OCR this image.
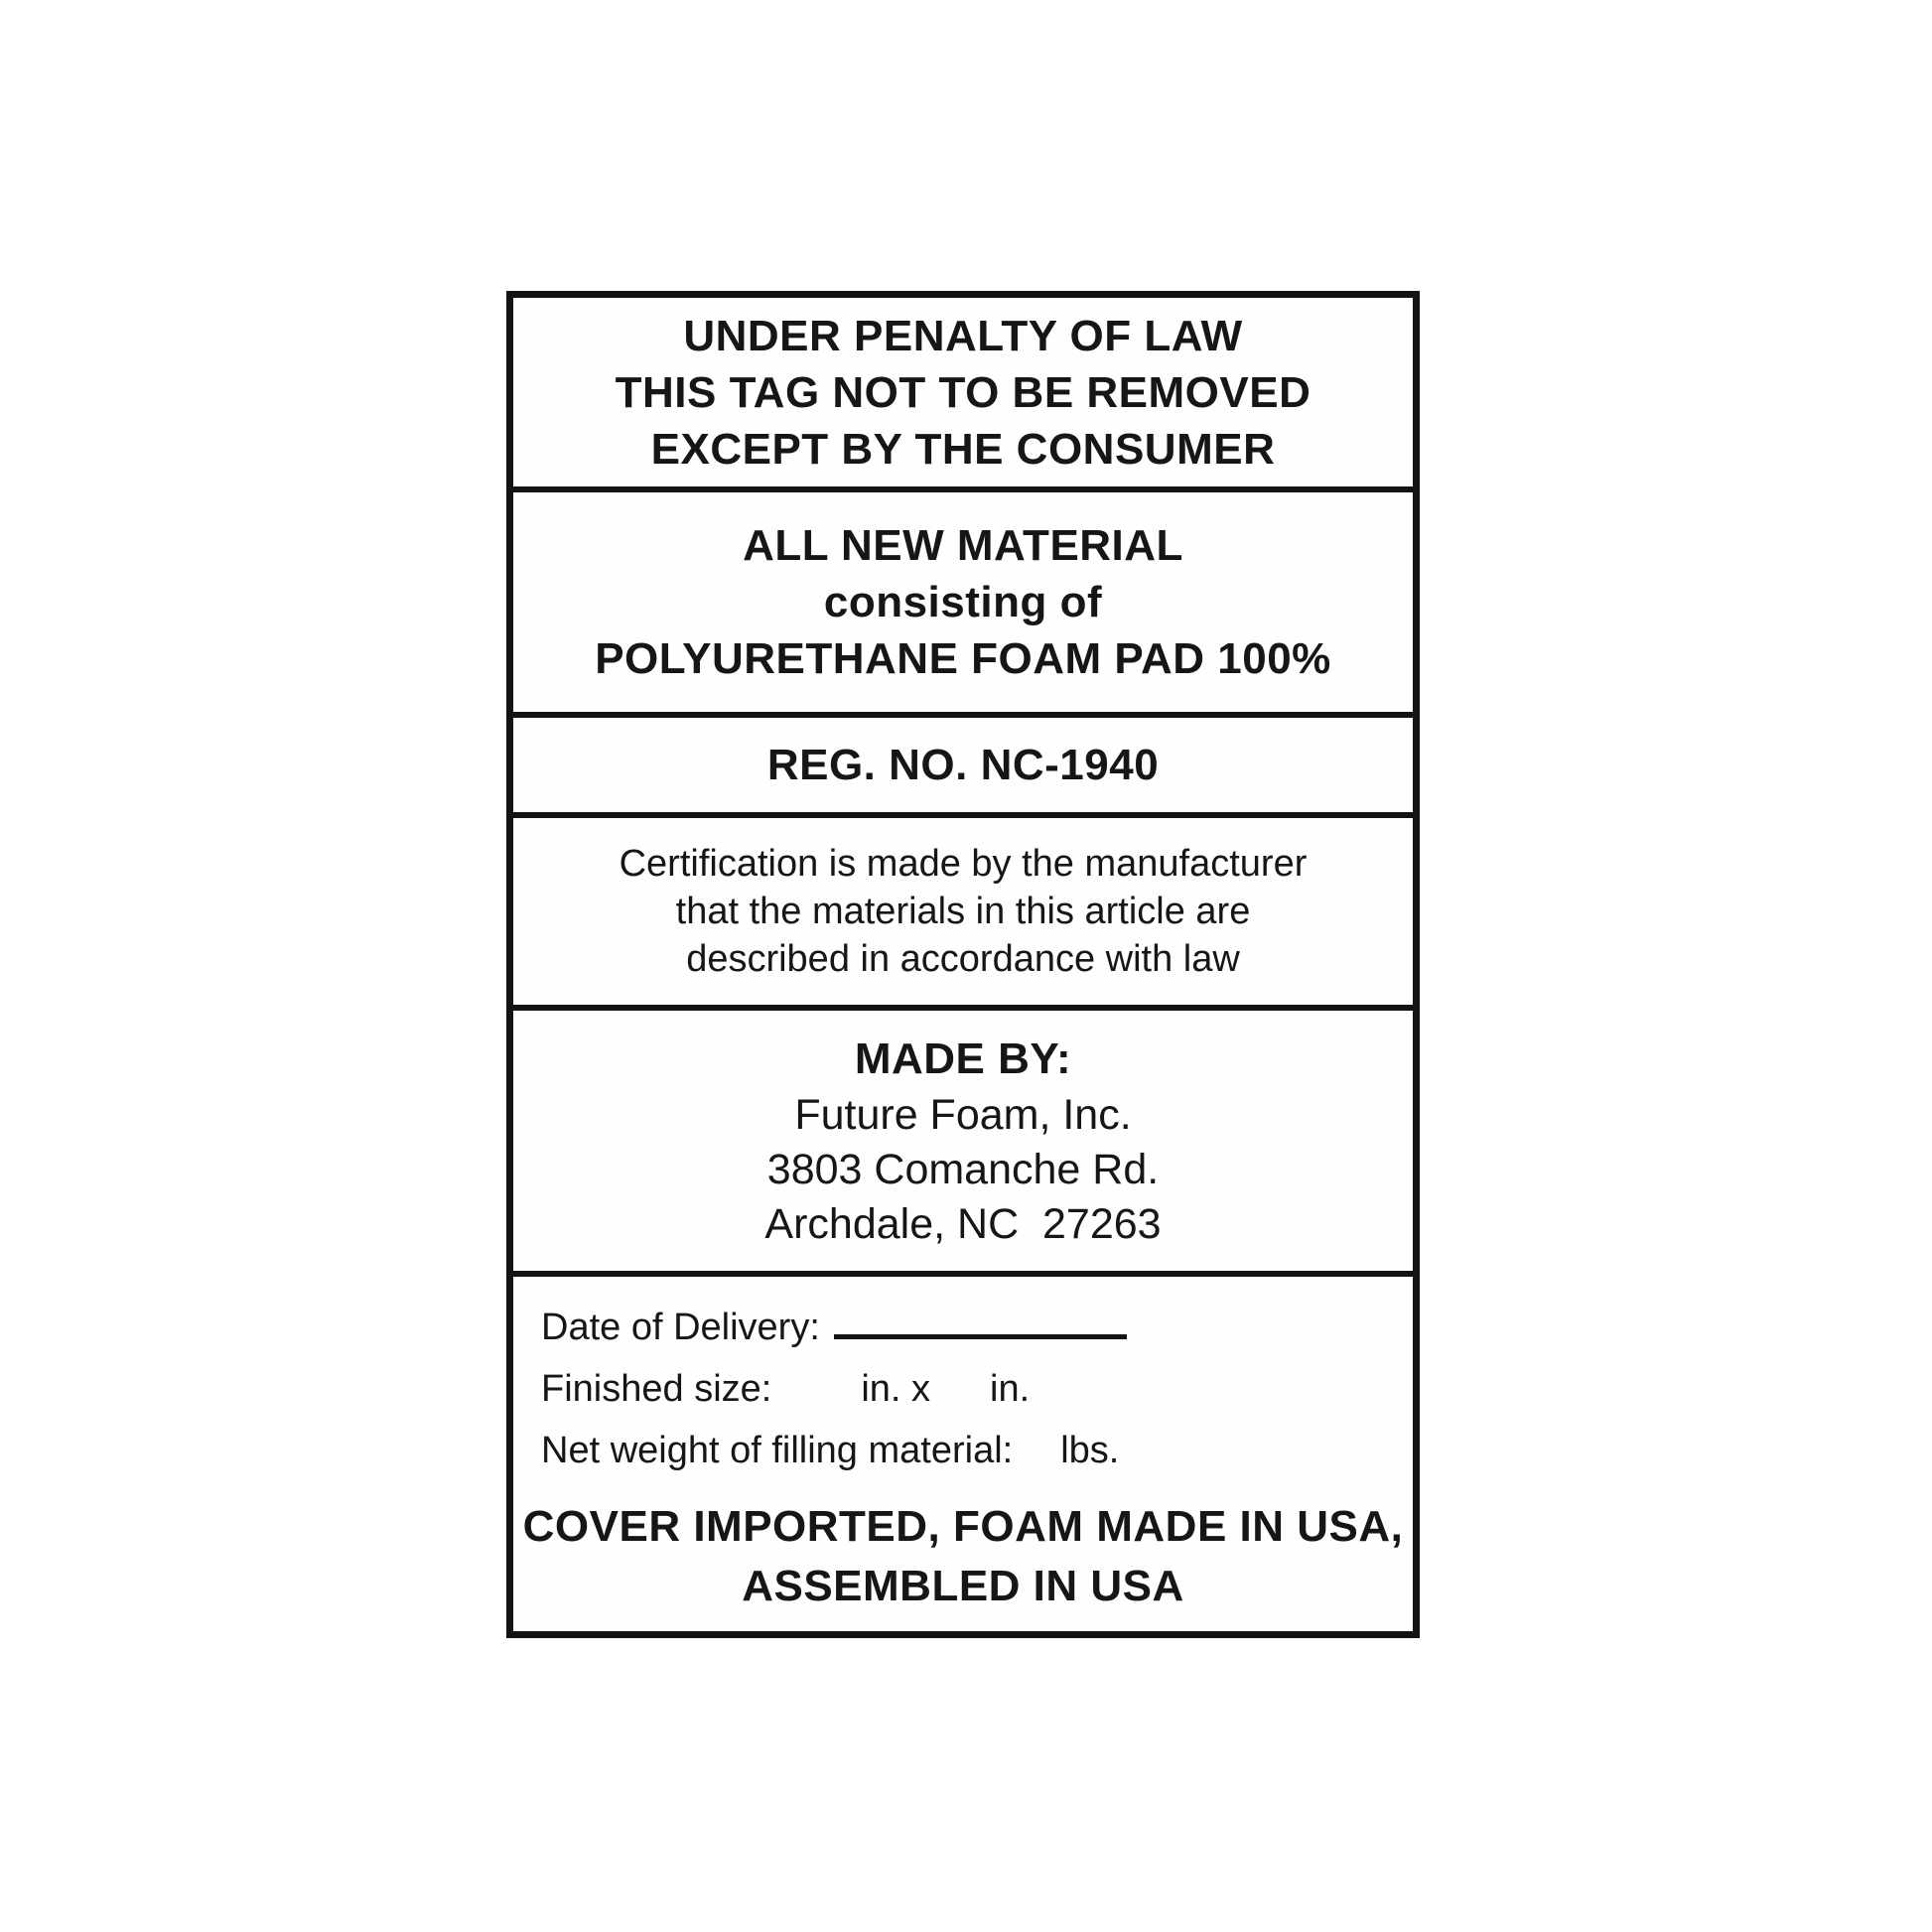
UNDER PENALTY OF LAW
THIS TAG NOT TO BE REMOVED
EXCEPT BY THE CONSUMER
ALL NEW MATERIAL
consisting of
POLYURETHANE FOAM PAD 100%
REG. NO. NC-1940
Certification is made by the manufacturer
that the materials in this article are
described in accordance with law
MADE BY:
Future Foam, Inc.
3803 Comanche Rd.
Archdale, NC  27263
Date of Delivery:
Finished size: in. x in.
Net weight of filling material: lbs.
COVER IMPORTED, FOAM MADE IN USA,
ASSEMBLED IN USA
